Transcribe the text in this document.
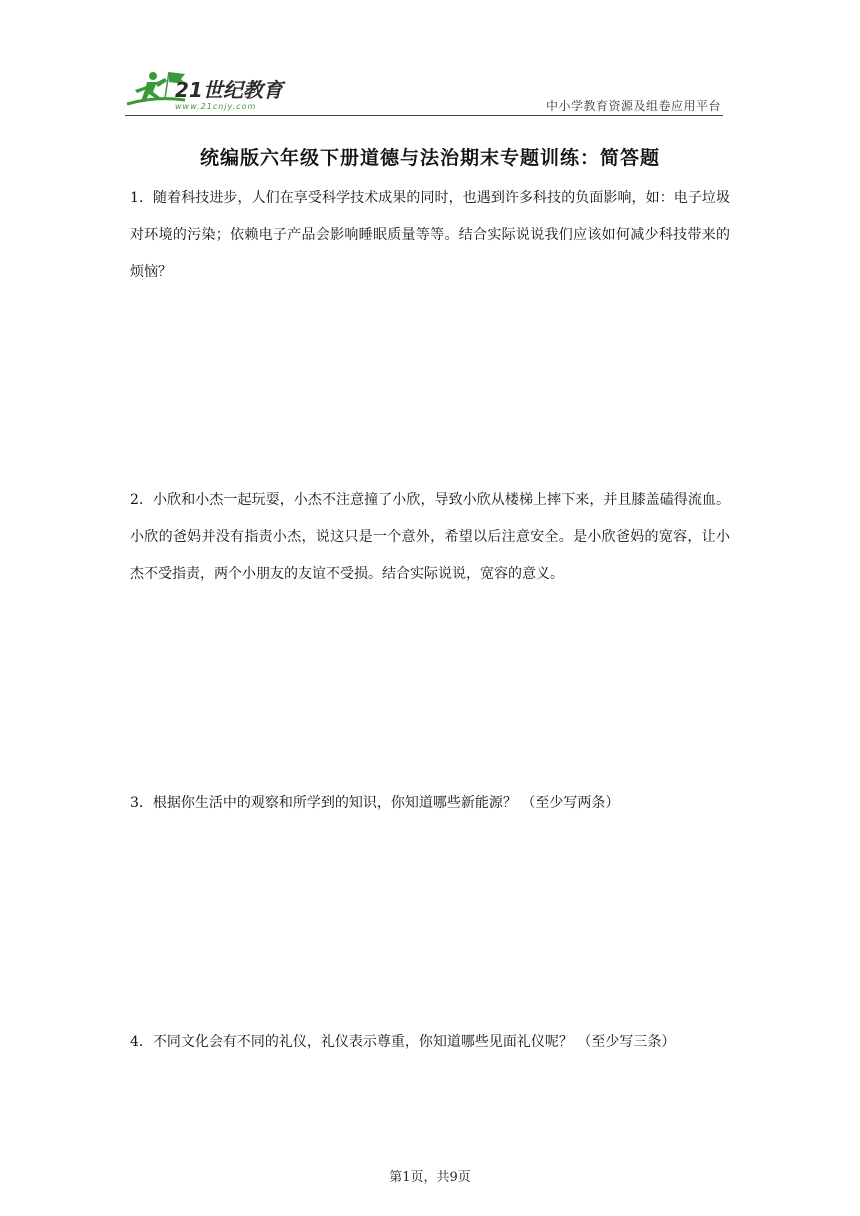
21世纪教育
www.21cnjy.com	中小学教育资源及组卷应用平台
统编版六年级下册道德与法治期末专题训练：简答题

1．随着科技进步，人们在享受科学技术成果的同时，也遇到许多科技的负面影响，如：电子垃圾对环境的污染；依赖电子产品会影响睡眠质量等等。结合实际说说我们应该如何减少科技带来的烦恼？

2．小欣和小杰一起玩耍，小杰不注意撞了小欣，导致小欣从楼梯上摔下来，并且膝盖磕得流血。小欣的爸妈并没有指责小杰，说这只是一个意外，希望以后注意安全。是小欣爸妈的宽容，让小杰不受指责，两个小朋友的友谊不受损。结合实际说说，宽容的意义。

3．根据你生活中的观察和所学到的知识，你知道哪些新能源？ （至少写两条）

4．不同文化会有不同的礼仪，礼仪表示尊重，你知道哪些见面礼仪呢？ （至少写三条）

第1页，共9页
